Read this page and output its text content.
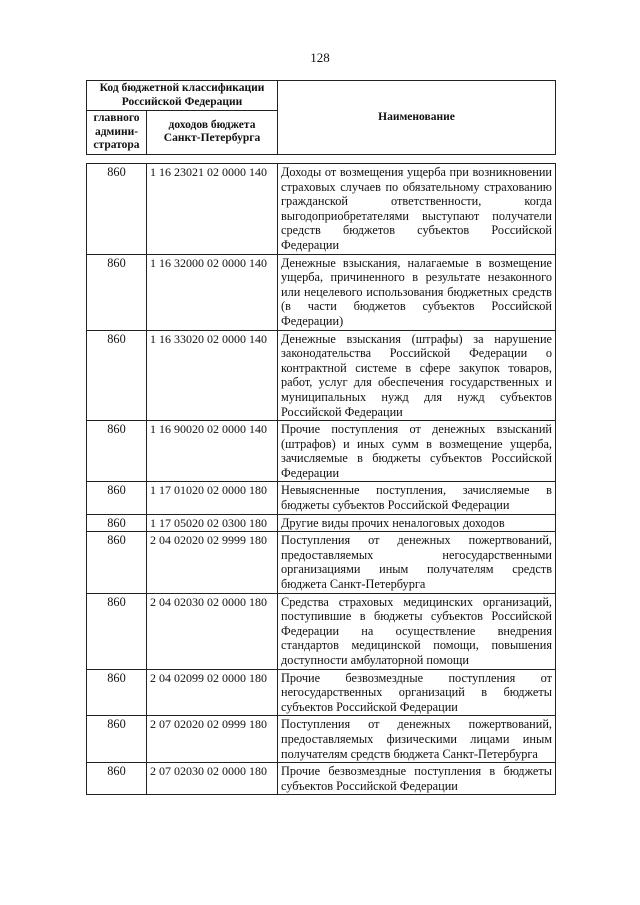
128
Код бюджетной классификации Российской Федерации		Наименование
главного админи-стратора	доходов бюджета Санкт-Петербурга	
860	1 16 23021 02 0000 140	Доходы от возмещения ущерба при возникновении страховых случаев по обязательному страхованию гражданской ответственности, когда выгодоприобретателями выступают получатели средств бюджетов субъектов Российской Федерации
860	1 16 32000 02 0000 140	Денежные взыскания, налагаемые в возмещение ущерба, причиненного в результате незаконного или нецелевого использования бюджетных средств (в части бюджетов субъектов Российской Федерации)
860	1 16 33020 02 0000 140	Денежные взыскания (штрафы) за нарушение законодательства Российской Федерации о контрактной системе в сфере закупок товаров, работ, услуг для обеспечения государственных и муниципальных нужд для нужд субъектов Российской Федерации
860	1 16 90020 02 0000 140	Прочие поступления от денежных взысканий (штрафов) и иных сумм в возмещение ущерба, зачисляемые в бюджеты субъектов Российской Федерации
860	1 17 01020 02 0000 180	Невыясненные поступления, зачисляемые в бюджеты субъектов Российской Федерации
860	1 17 05020 02 0300 180	Другие виды прочих неналоговых доходов
860	2 04 02020 02 9999 180	Поступления от денежных пожертвований, предоставляемых негосударственными организациями иным получателям средств бюджета Санкт-Петербурга
860	2 04 02030 02 0000 180	Средства страховых медицинских организаций, поступившие в бюджеты субъектов Российской Федерации на осуществление внедрения стандартов медицинской помощи, повышения доступности амбулаторной помощи
860	2 04 02099 02 0000 180	Прочие безвозмездные поступления от негосударственных организаций в бюджеты субъектов Российской Федерации
860	2 07 02020 02 0999 180	Поступления от денежных пожертвований, предоставляемых физическими лицами иным получателям средств бюджета Санкт-Петербурга
860	2 07 02030 02 0000 180	Прочие безвозмездные поступления в бюджеты субъектов Российской Федерации
